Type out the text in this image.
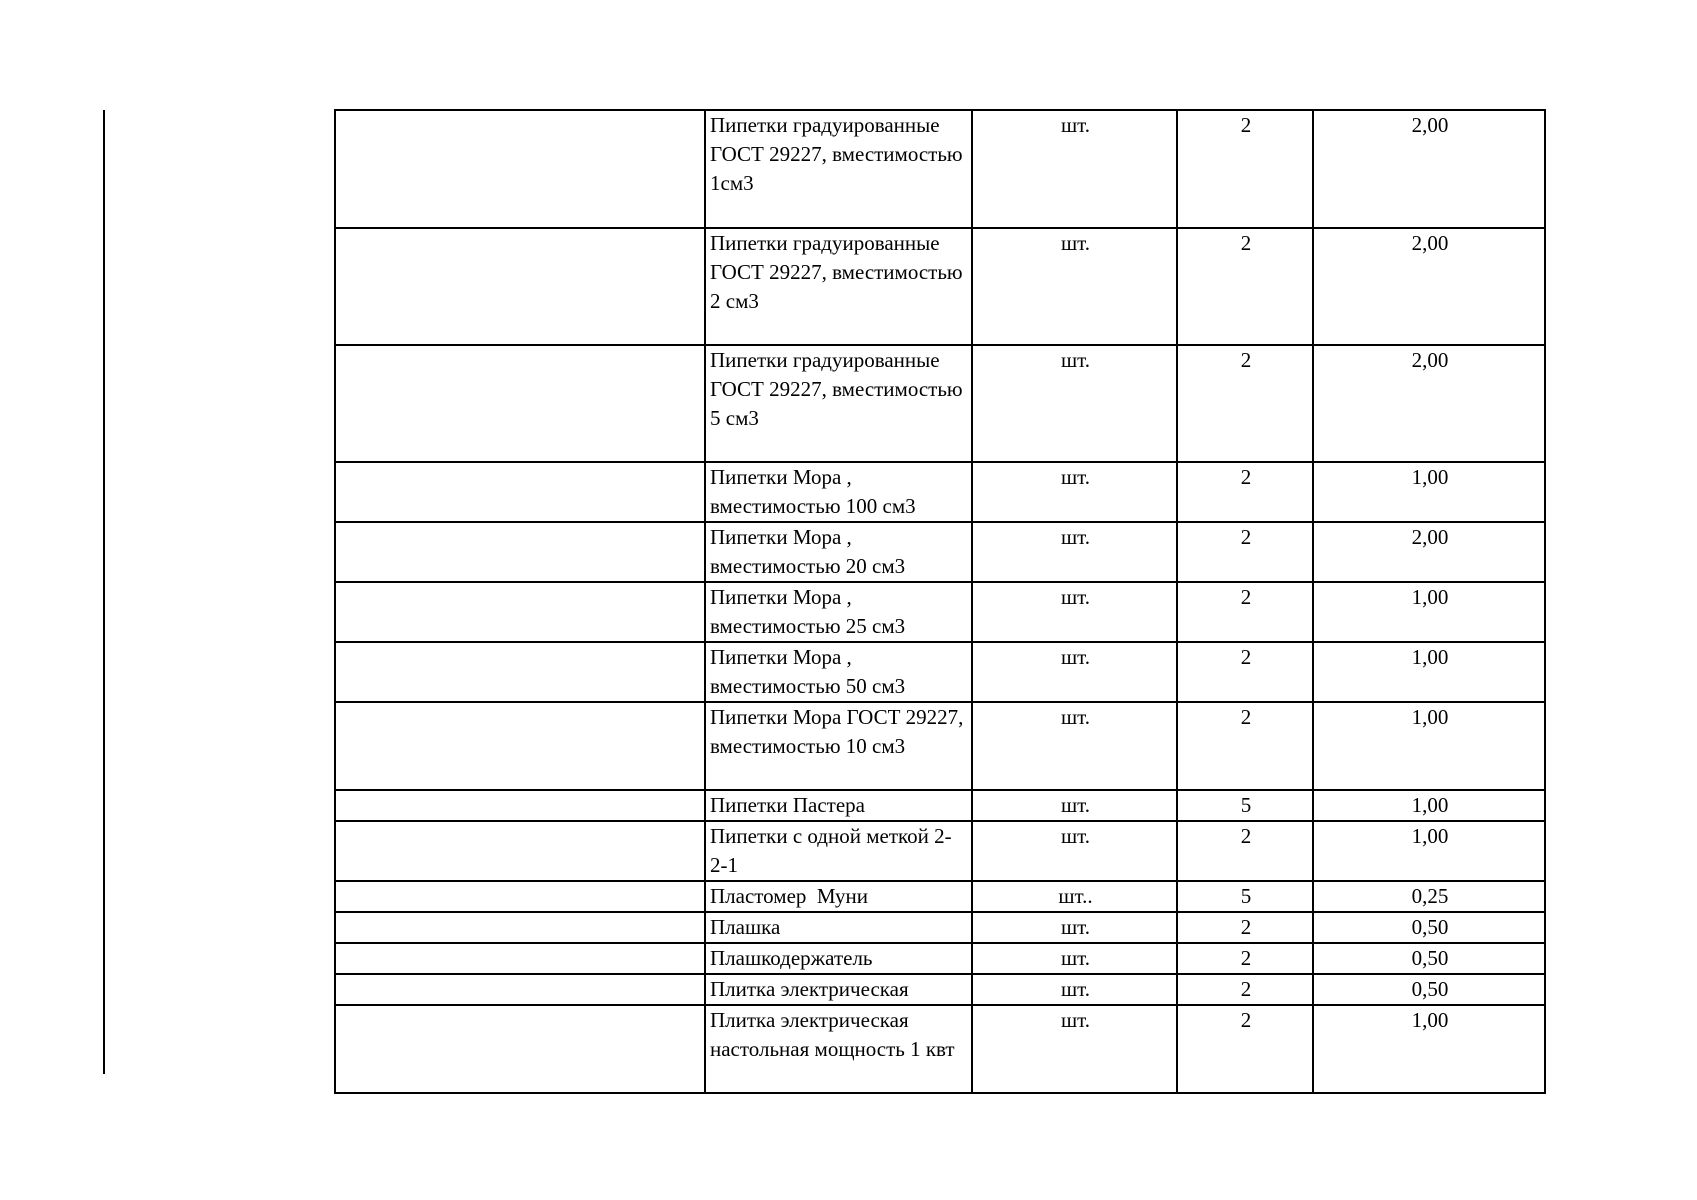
	Пипетки градуированные ГОСТ 29227, вместимостью 1см3	шт.	2	2,00
	Пипетки градуированные ГОСТ 29227, вместимостью 2 см3	шт.	2	2,00
	Пипетки градуированные ГОСТ 29227, вместимостью 5 см3	шт.	2	2,00
	Пипетки Мора , вместимостью 100 см3	шт.	2	1,00
	Пипетки Мора , вместимостью 20 см3	шт.	2	2,00
	Пипетки Мора , вместимостью 25 см3	шт.	2	1,00
	Пипетки Мора , вместимостью 50 см3	шт.	2	1,00
	Пипетки Мора ГОСТ 29227, вместимостью 10 см3	шт.	2	1,00
	Пипетки Пастера	шт.	5	1,00
	Пипетки с одной меткой 2-2-1	шт.	2	1,00
	Пластомер  Муни	шт..	5	0,25
	Плашка	шт.	2	0,50
	Плашкодержатель	шт.	2	0,50
	Плитка электрическая	шт.	2	0,50
	Плитка электрическая настольная мощность 1 квт	шт.	2	1,00
